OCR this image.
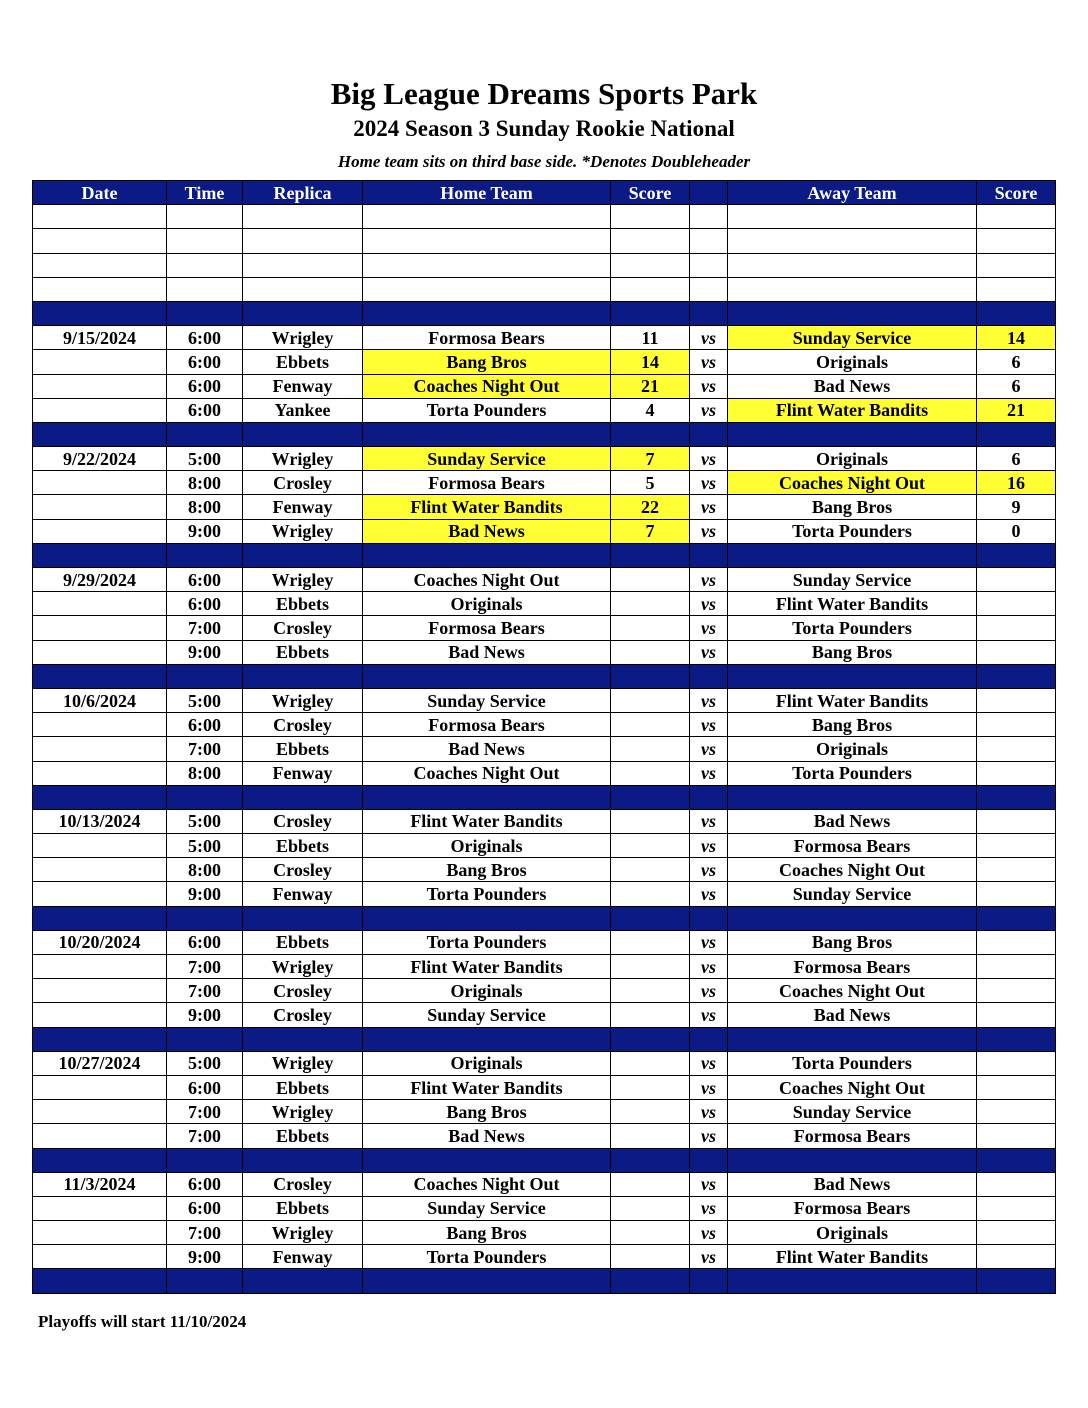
Big League Dreams Sports Park
2024 Season 3 Sunday Rookie National
Home team sits on third base side. *Denotes Doubleheader
Date	Time	Replica	Home Team	Score		Away Team	Score

9/15/2024	6:00	Wrigley	Formosa Bears	11	vs	Sunday Service	14
	6:00	Ebbets	Bang Bros	14	vs	Originals	6
	6:00	Fenway	Coaches Night Out	21	vs	Bad News	6
	6:00	Yankee	Torta Pounders	4	vs	Flint Water Bandits	21

9/22/2024	5:00	Wrigley	Sunday Service	7	vs	Originals	6
	8:00	Crosley	Formosa Bears	5	vs	Coaches Night Out	16
	8:00	Fenway	Flint Water Bandits	22	vs	Bang Bros	9
	9:00	Wrigley	Bad News	7	vs	Torta Pounders	0

9/29/2024	6:00	Wrigley	Coaches Night Out		vs	Sunday Service	
	6:00	Ebbets	Originals		vs	Flint Water Bandits	
	7:00	Crosley	Formosa Bears		vs	Torta Pounders	
	9:00	Ebbets	Bad News		vs	Bang Bros	

10/6/2024	5:00	Wrigley	Sunday Service		vs	Flint Water Bandits	
	6:00	Crosley	Formosa Bears		vs	Bang Bros	
	7:00	Ebbets	Bad News		vs	Originals	
	8:00	Fenway	Coaches Night Out		vs	Torta Pounders	

10/13/2024	5:00	Crosley	Flint Water Bandits		vs	Bad News	
	5:00	Ebbets	Originals		vs	Formosa Bears	
	8:00	Crosley	Bang Bros		vs	Coaches Night Out	
	9:00	Fenway	Torta Pounders		vs	Sunday Service	

10/20/2024	6:00	Ebbets	Torta Pounders		vs	Bang Bros	
	7:00	Wrigley	Flint Water Bandits		vs	Formosa Bears	
	7:00	Crosley	Originals		vs	Coaches Night Out	
	9:00	Crosley	Sunday Service		vs	Bad News	

10/27/2024	5:00	Wrigley	Originals		vs	Torta Pounders	
	6:00	Ebbets	Flint Water Bandits		vs	Coaches Night Out	
	7:00	Wrigley	Bang Bros		vs	Sunday Service	
	7:00	Ebbets	Bad News		vs	Formosa Bears	

11/3/2024	6:00	Crosley	Coaches Night Out		vs	Bad News	
	6:00	Ebbets	Sunday Service		vs	Formosa Bears	
	7:00	Wrigley	Bang Bros		vs	Originals	
	9:00	Fenway	Torta Pounders		vs	Flint Water Bandits	

Playoffs will start 11/10/2024
